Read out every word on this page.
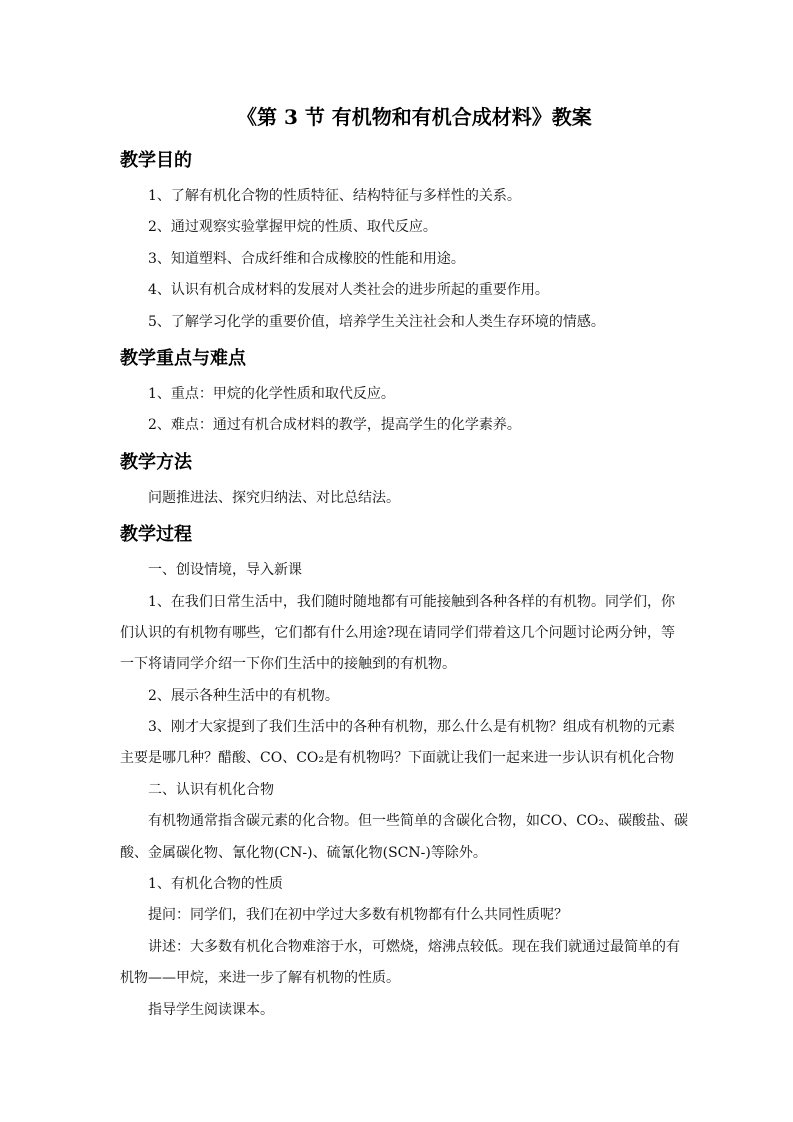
《第 3 节 有机物和有机合成材料》教案
教学目的
1、了解有机化合物的性质特征、结构特征与多样性的关系。
2、通过观察实验掌握甲烷的性质、取代反应。
3、知道塑料、合成纤维和合成橡胶的性能和用途。
4、认识有机合成材料的发展对人类社会的进步所起的重要作用。
5、了解学习化学的重要价值，培养学生关注社会和人类生存环境的情感。
教学重点与难点
1、重点：甲烷的化学性质和取代反应。
2、难点：通过有机合成材料的教学，提高学生的化学素养。
教学方法
问题推进法、探究归纳法、对比总结法。
教学过程
一、创设情境，导入新课
1、在我们日常生活中，我们随时随地都有可能接触到各种各样的有机物。同学们，你
们认识的有机物有哪些，它们都有什么用途?现在请同学们带着这几个问题讨论两分钟，等
一下将请同学介绍一下你们生活中的接触到的有机物。
2、展示各种生活中的有机物。
3、刚才大家提到了我们生活中的各种有机物，那么什么是有机物？组成有机物的元素
主要是哪几种？醋酸、CO、CO₂是有机物吗？下面就让我们一起来进一步认识有机化合物
二、认识有机化合物
有机物通常指含碳元素的化合物。但一些简单的含碳化合物，如CO、CO₂、碳酸盐、碳
酸、金属碳化物、氰化物(CN-)、硫氰化物(SCN-)等除外。
1、有机化合物的性质
提问：同学们，我们在初中学过大多数有机物都有什么共同性质呢？
讲述：大多数有机化合物难溶于水，可燃烧，熔沸点较低。现在我们就通过最简单的有
机物——甲烷，来进一步了解有机物的性质。
指导学生阅读课本。
